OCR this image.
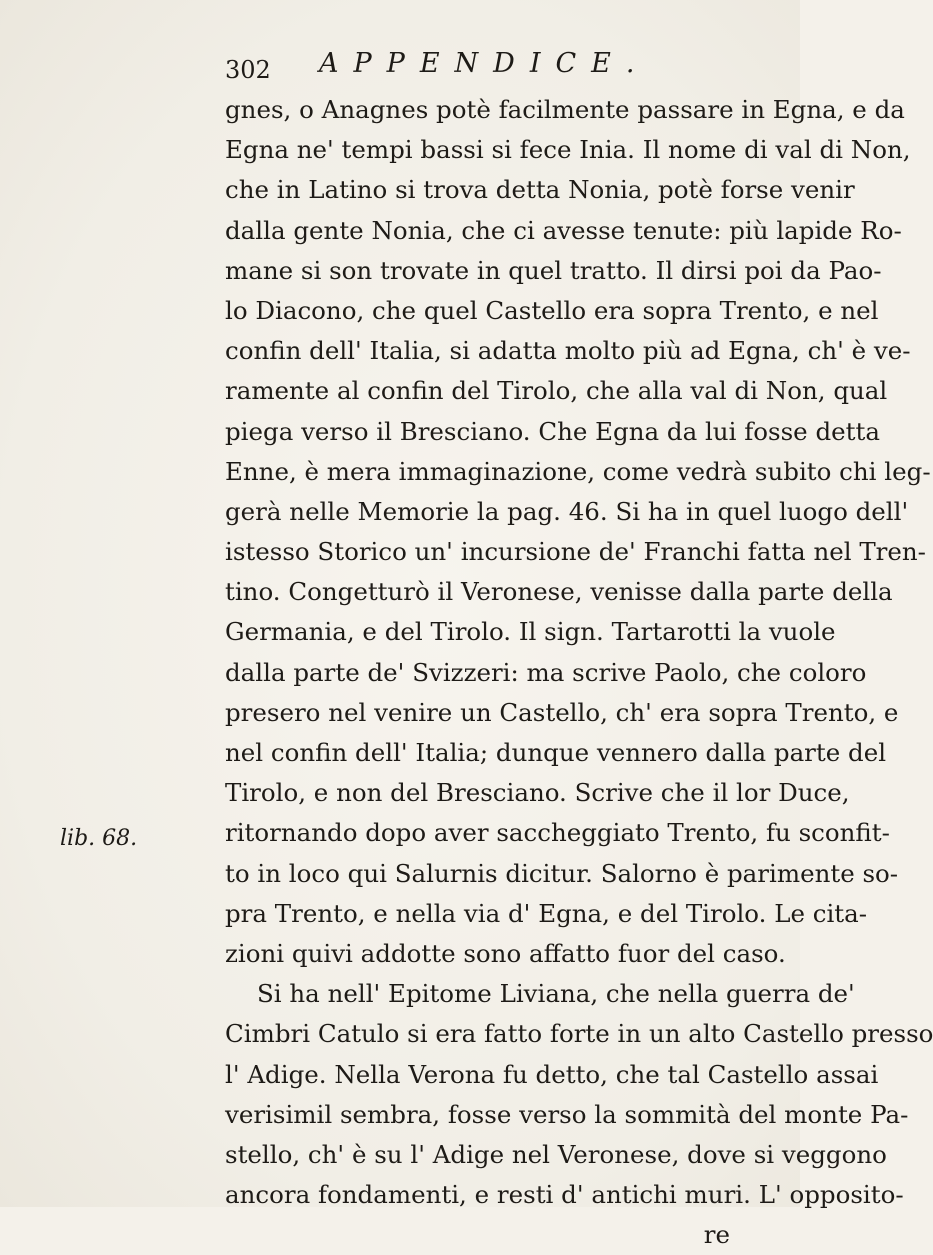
302 APPENDICE.
lib. 68.
gnes, o Anagnes potè facilmente passare in Egna, e da
Egna ne' tempi bassi si fece Inia. Il nome di val di Non,
che in Latino si trova detta Nonia, potè forse venir
dalla gente Nonia, che ci avesse tenute: più lapide Ro-
mane si son trovate in quel tratto. Il dirsi poi da Pao-
lo Diacono, che quel Castello era sopra Trento, e nel
confin dell' Italia, si adatta molto più ad Egna, ch' è ve-
ramente al confin del Tirolo, che alla val di Non, qual
piega verso il Bresciano. Che Egna da lui fosse detta
Enne, è mera immaginazione, come vedrà subito chi leg-
gerà nelle Memorie la pag. 46. Si ha in quel luogo dell'
istesso Storico un' incursione de' Franchi fatta nel Tren-
tino. Congetturò il Veronese, venisse dalla parte della
Germania, e del Tirolo. Il sign. Tartarotti la vuole
dalla parte de' Svizzeri: ma scrive Paolo, che coloro
presero nel venire un Castello, ch' era sopra Trento, e
nel confin dell' Italia; dunque vennero dalla parte del
Tirolo, e non del Bresciano. Scrive che il lor Duce,
ritornando dopo aver saccheggiato Trento, fu sconfit-
to in loco qui Salurnis dicitur. Salorno è parimente so-
pra Trento, e nella via d' Egna, e del Tirolo. Le cita-
zioni quivi addotte sono affatto fuor del caso.
Si ha nell' Epitome Liviana, che nella guerra de'
Cimbri Catulo si era fatto forte in un alto Castello presso
l' Adige. Nella Verona fu detto, che tal Castello assai
verisimil sembra, fosse verso la sommità del monte Pa-
stello, ch' è su l' Adige nel Veronese, dove si veggono
ancora fondamenti, e resti d' antichi muri. L' opposito-
re
